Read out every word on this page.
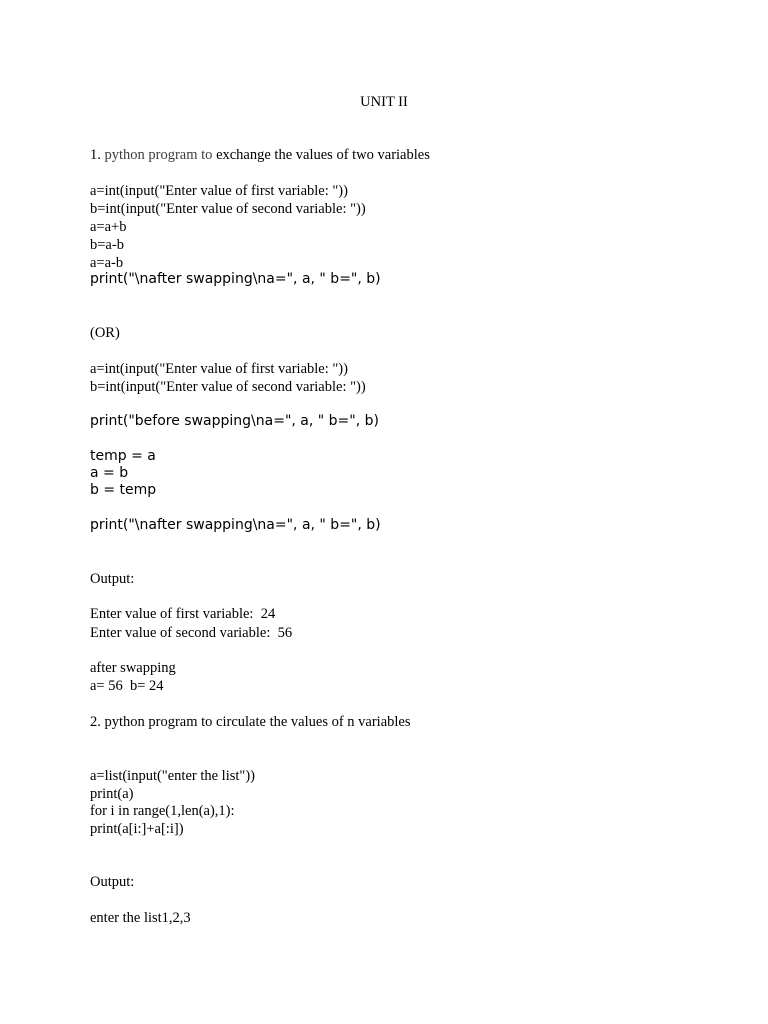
UNIT II
1. python program to exchange the values of two variables
a=int(input("Enter value of first variable: "))
b=int(input("Enter value of second variable: "))
a=a+b
b=a-b
a=a-b
print("\nafter swapping\na=", a, " b=", b)
(OR)
a=int(input("Enter value of first variable: "))
b=int(input("Enter value of second variable: "))
print("before swapping\na=", a, " b=", b)
temp = a
a = b
b = temp
print("\nafter swapping\na=", a, " b=", b)
Output:
Enter value of first variable:  24
Enter value of second variable:  56
after swapping
a= 56  b= 24
2. python program to circulate the values of n variables
a=list(input("enter the list"))
print(a)
for i in range(1,len(a),1):
print(a[i:]+a[:i])
Output:
enter the list1,2,3
